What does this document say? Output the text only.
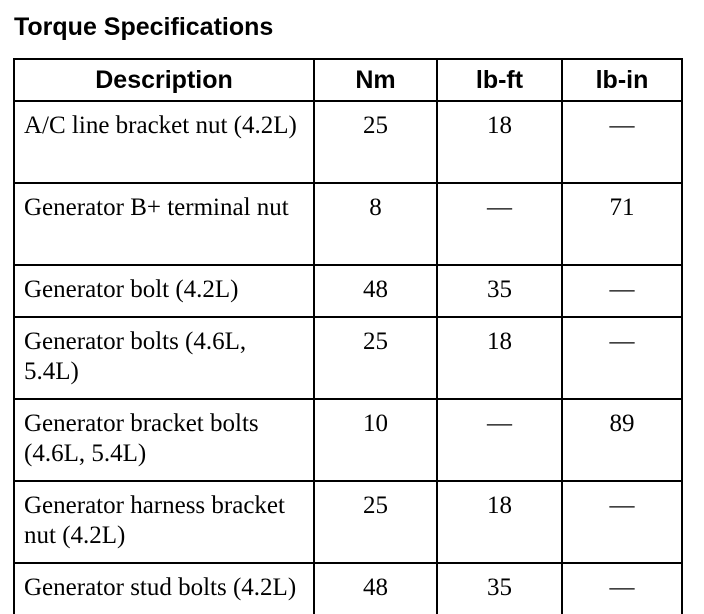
Torque Specifications
Description	Nm	lb-ft	lb-in
A/C line bracket nut (4.2L)	25	18	—
Generator B+ terminal nut	8	—	71
Generator bolt (4.2L)	48	35	—
Generator bolts (4.6L, 5.4L)	25	18	—
Generator bracket bolts (4.6L, 5.4L)	10	—	89
Generator harness bracket nut (4.2L)	25	18	—
Generator stud bolts (4.2L)	48	35	—
